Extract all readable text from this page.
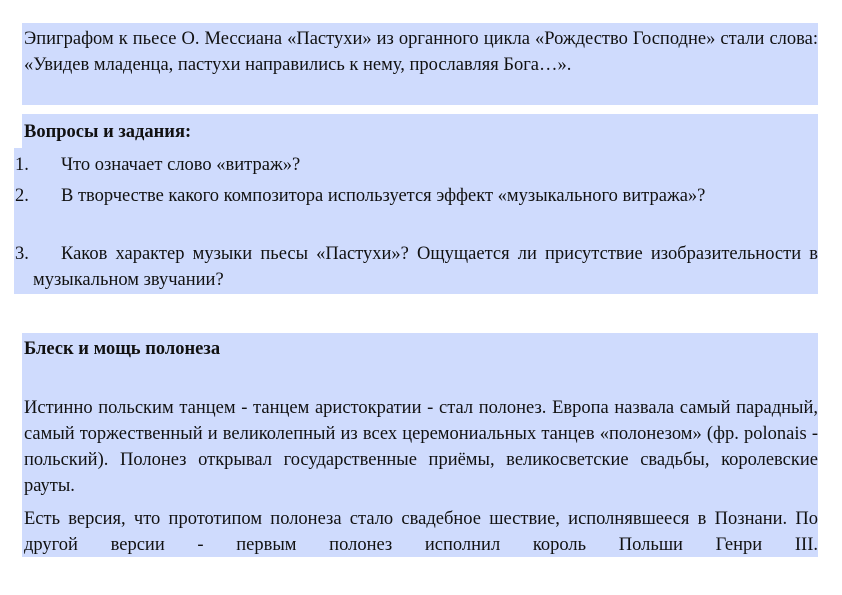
Эпиграфом к пьесе О. Мессиана «Пастухи» из органного цикла «Рождество Господне» стали слова: «Увидев младенца, пастухи направились к нему, прославляя Бога…».
Вопросы и задания:
1. Что означает слово «витраж»?
2.	В творчестве какого композитора используется эффект «музыкального витража»?
3.	Каков характер музыки пьесы «Пастухи»? Ощущается ли присутствие изобразительности в музыкальном звучании?
Блеск и мощь полонеза
Истинно польским танцем - танцем аристократии - стал полонез. Европа назвала самый парадный, самый торжественный и великолепный из всех церемониальных танцев «полонезом» (фр. polonais - польский). Полонез открывал государственные приёмы, великосветские свадьбы, королевские рауты.
Есть версия, что прототипом полонеза стало свадебное шествие, исполнявшееся в Познани. По другой версии - первым полонез исполнил король Польши Генри III.
